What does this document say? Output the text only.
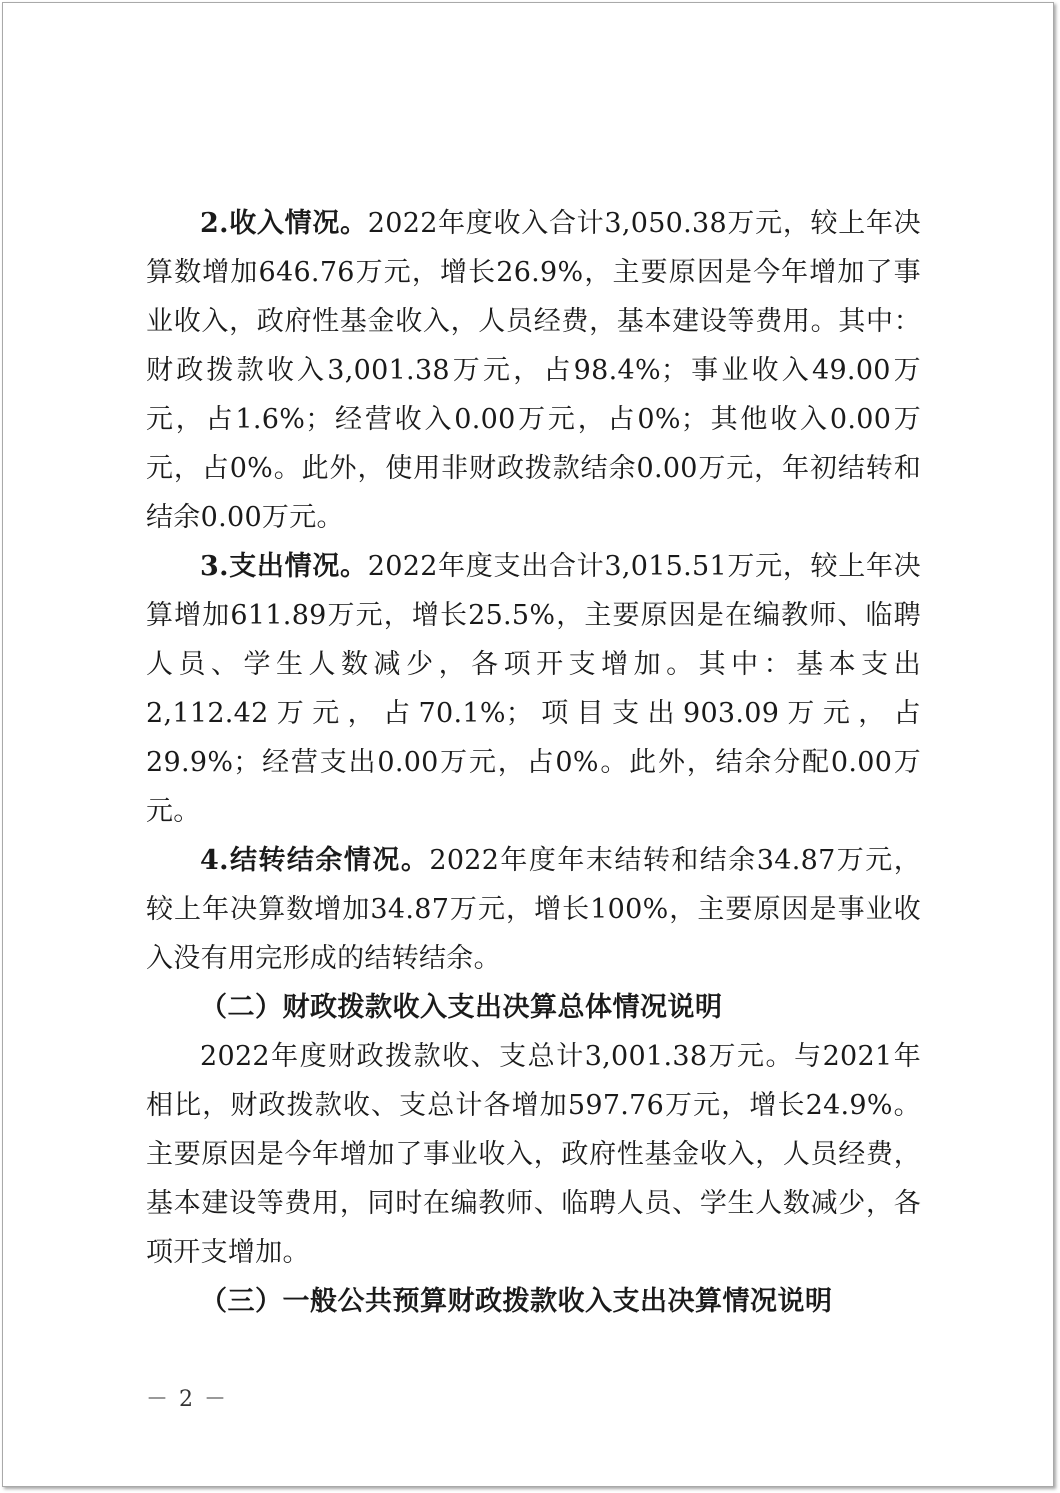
2.收入情况。2022年度收入合计3,050.38万元，较上年决算数增加646.76万元，增长26.9%，主要原因是今年增加了事业收入，政府性基金收入，人员经费，基本建设等费用。其中：财政拨款收入3,001.38万元，占98.4%；事业收入49.00万元，占1.6%；经营收入0.00万元，占0%；其他收入0.00万元，占0%。此外，使用非财政拨款结余0.00万元，年初结转和结余0.00万元。

3.支出情况。2022年度支出合计3,015.51万元，较上年决算增加611.89万元，增长25.5%，主要原因是在编教师、临聘人员、学生人数减少，各项开支增加。其中：基本支出2,112.42万元，占70.1%；项目支出903.09万元，占29.9%；经营支出0.00万元，占0%。此外，结余分配0.00万元。

4.结转结余情况。2022年度年末结转和结余34.87万元，较上年决算数增加34.87万元，增长100%，主要原因是事业收入没有用完形成的结转结余。

（二）财政拨款收入支出决算总体情况说明

2022年度财政拨款收、支总计3,001.38万元。与2021年相比，财政拨款收、支总计各增加597.76万元，增长24.9%。主要原因是今年增加了事业收入，政府性基金收入，人员经费，基本建设等费用，同时在编教师、临聘人员、学生人数减少，各项开支增加。

（三）一般公共预算财政拨款收入支出决算情况说明

－ 2 －
